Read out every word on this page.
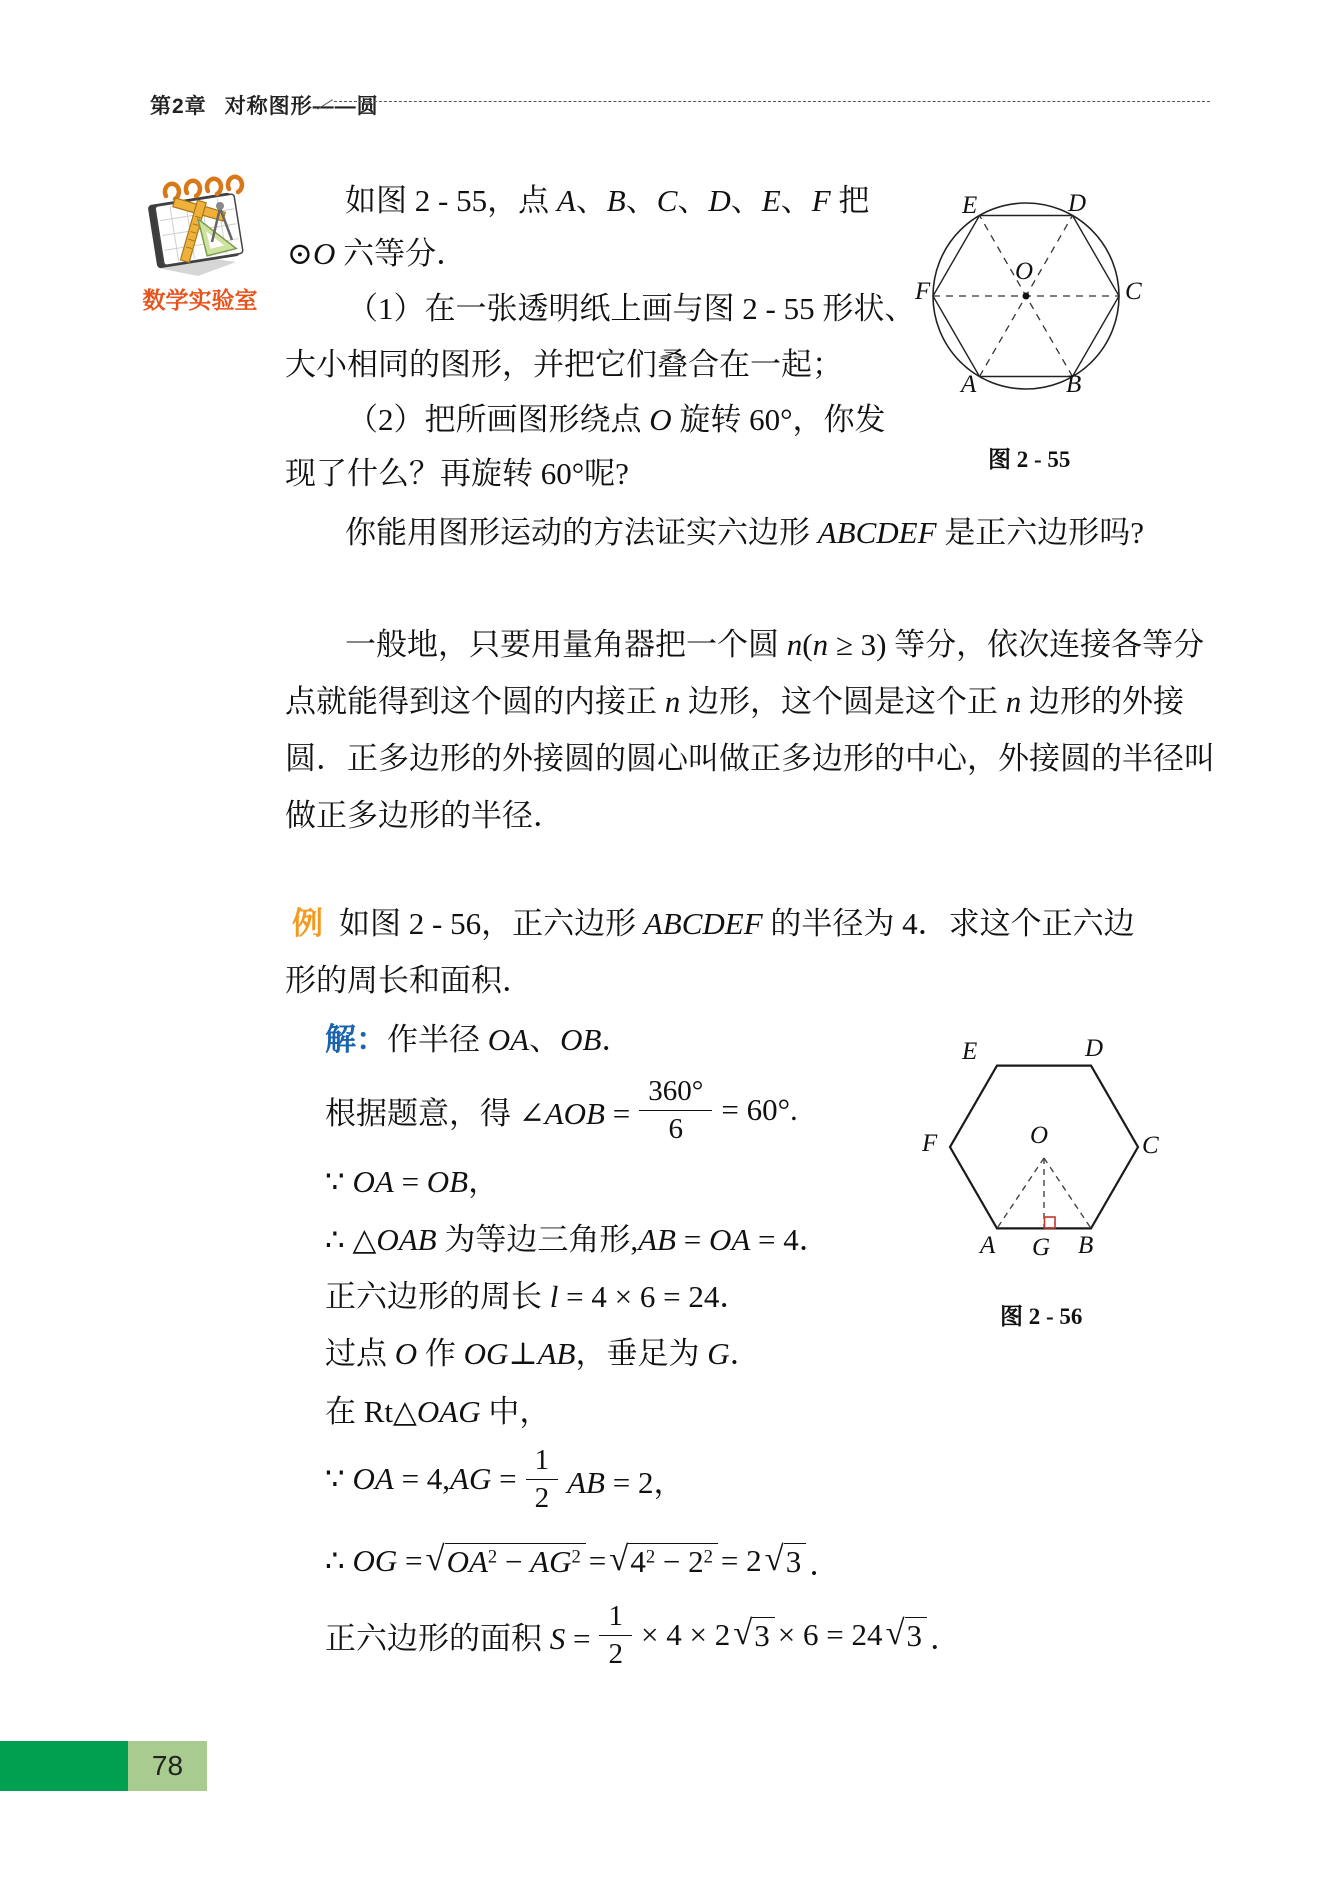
第2章 对称图形——圆
数学实验室
如图 2 - 55，点 A、B、C、D、E、F 把
⊙O 六等分．
（1）在一张透明纸上画与图 2 - 55 形状、
大小相同的图形，并把它们叠合在一起；
（2）把所画图形绕点 O 旋转 60°，你发
现了什么？再旋转 60°呢?
你能用图形运动的方法证实六边形 ABCDEF 是正六边形吗?
E	D
F	C
A	B
O
图 2 - 55
一般地，只要用量角器把一个圆 n(n ≥ 3) 等分，依次连接各等分
点就能得到这个圆的内接正 n 边形，这个圆是这个正 n 边形的外接
圆．正多边形的外接圆的圆心叫做正多边形的中心，外接圆的半径叫
做正多边形的半径．
例 如图 2 - 56，正六边形 ABCDEF 的半径为 4．求这个正六边
形的周长和面积．
解：作半径 OA、OB．
根据题意，得 ∠AOB = $\frac{360^\circ}{6} = 60^\circ$.
∵ OA = OB，
∴ △OAB 为等边三角形,AB = OA = 4．
正六边形的周长 l = 4 × 6 = 24．
过点 O 作 OG⊥AB，垂足为 G．
在 Rt△OAG 中，
∵ OA = $4,AG = \frac{1}{2}$ AB = 2，
∴ OG = √ $OA^2 - AG^2$ = √ $4^2 - 2^2 = 2$ √ 3 ．
正六边形的面积 $S = \frac{1}{2} \times 4 \times 2$ √ 3 × 6 = 24 √ 3 ．
E	D
F	C
A G B
O
图 2 - 56
78
